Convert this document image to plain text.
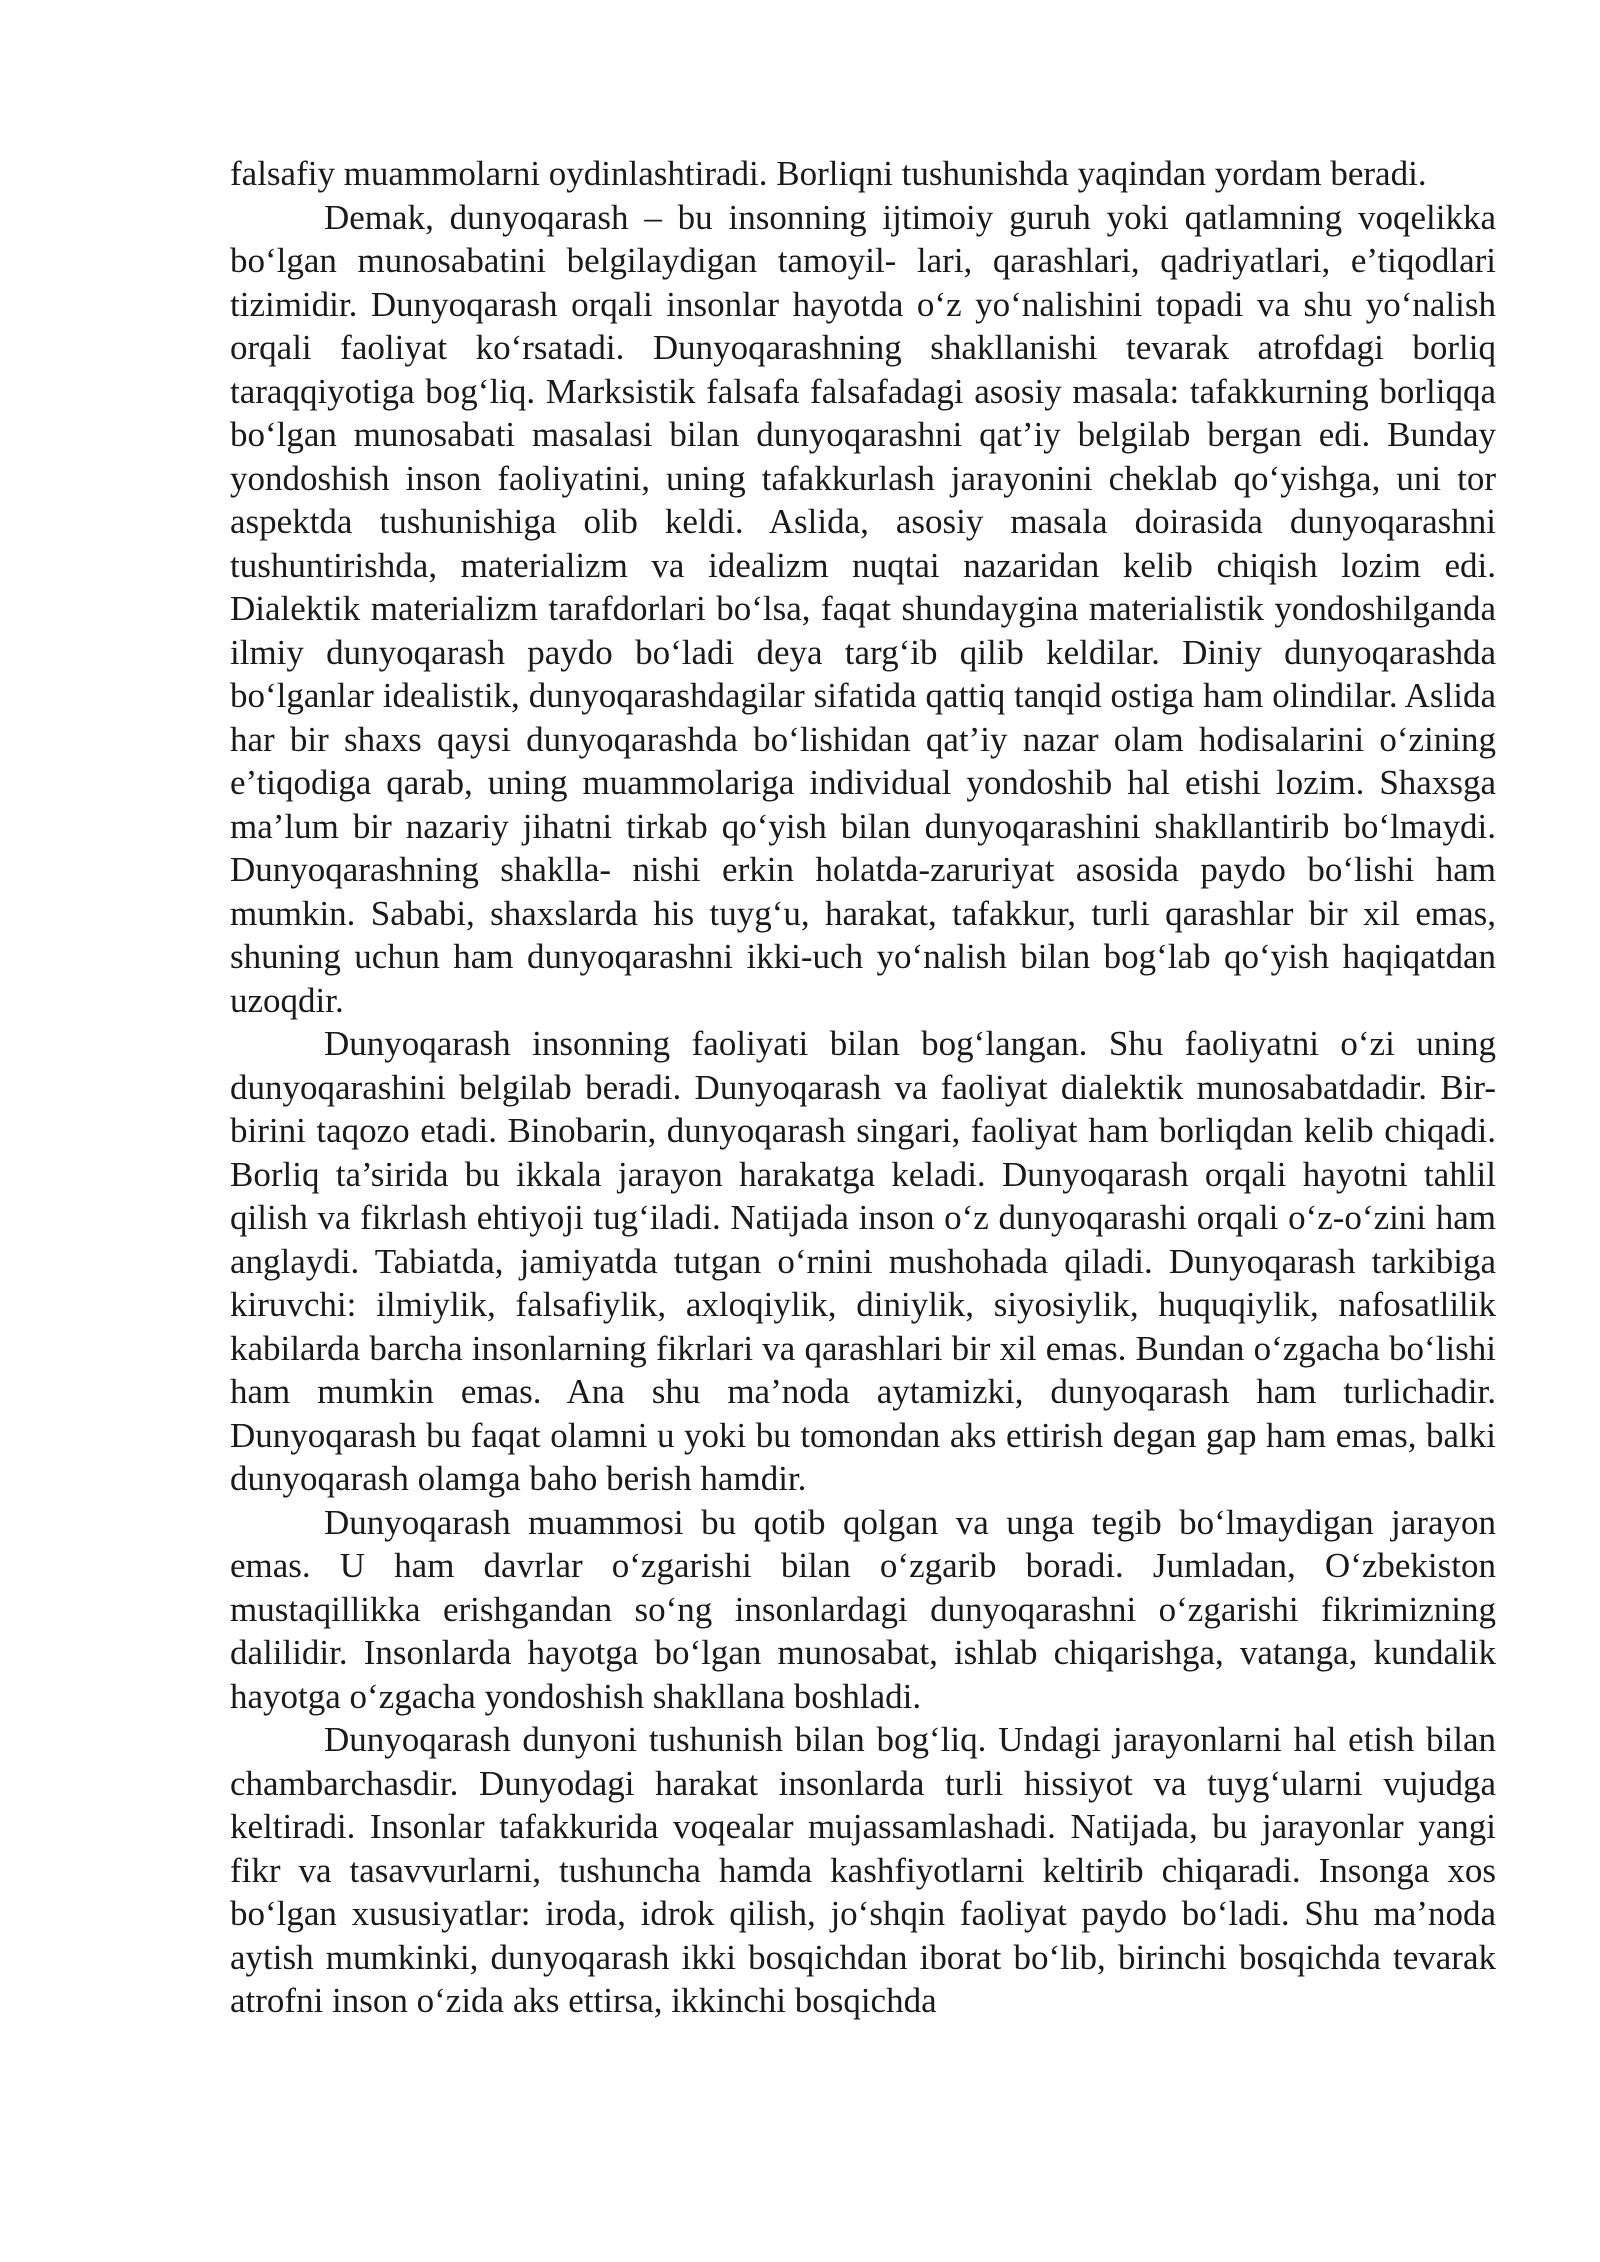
falsafiy muammolarni oydinlashtiradi. Borliqni tushunishda yaqindan yordam beradi.

Demak, dunyoqarash – bu insonning ijtimoiy guruh yoki qatlamning voqelikka bo‘lgan munosabatini belgilaydigan tamoyil- lari, qarashlari, qadriyatlari, e’tiqodlari tizimidir. Dunyoqarash orqali insonlar hayotda o‘z yo‘nalishini topadi va shu yo‘nalish orqali faoliyat ko‘rsatadi. Dunyoqarashning shakllanishi tevarak atrofdagi borliq taraqqiyotiga bog‘liq. Marksistik falsafa falsafadagi asosiy masala: tafakkurning borliqqa bo‘lgan munosabati masalasi bilan dunyoqarashni qat’iy belgilab bergan edi. Bunday yondoshish inson faoliyatini, uning tafakkurlash jarayonini cheklab qo‘yishga, uni tor aspektda tushunishiga olib keldi. Aslida, asosiy masala doirasida dunyoqarashni tushuntirishda, materializm va idealizm nuqtai nazaridan kelib chiqish lozim edi. Dialektik materializm tarafdorlari bo‘lsa, faqat shundaygina materialistik yondoshilganda ilmiy dunyoqarash paydo bo‘ladi deya targ‘ib qilib keldilar. Diniy dunyoqarashda bo‘lganlar idealistik, dunyoqarashdagilar sifatida qattiq tanqid ostiga ham olindilar. Aslida har bir shaxs qaysi dunyoqarashda bo‘lishidan qat’iy nazar olam hodisalarini o‘zining e’tiqodiga qarab, uning muammolariga individual yondoshib hal etishi lozim. Shaxsga ma’lum bir nazariy jihatni tirkab qo‘yish bilan dunyoqarashini shakllantirib bo‘lmaydi. Dunyoqarashning shaklla- nishi erkin holatda-zaruriyat asosida paydo bo‘lishi ham mumkin. Sababi, shaxslarda his tuyg‘u, harakat, tafakkur, turli qarashlar bir xil emas, shuning uchun ham dunyoqarashni ikki-uch yo‘nalish bilan bog‘lab qo‘yish haqiqatdan uzoqdir.

Dunyoqarash insonning faoliyati bilan bog‘langan. Shu faoliyatni o‘zi uning dunyoqarashini belgilab beradi. Dunyoqarash va faoliyat dialektik munosabatdadir. Bir-birini taqozo etadi. Binobarin, dunyoqarash singari, faoliyat ham borliqdan kelib chiqadi. Borliq ta’sirida bu ikkala jarayon harakatga keladi. Dunyoqarash orqali hayotni tahlil qilish va fikrlash ehtiyoji tug‘iladi. Natijada inson o‘z dunyoqarashi orqali o‘z-o‘zini ham anglaydi. Tabiatda, jamiyatda tutgan o‘rnini mushohada qiladi. Dunyoqarash tarkibiga kiruvchi: ilmiylik, falsafiylik, axloqiylik, diniylik, siyosiylik, huquqiylik, nafosatlilik kabilarda barcha insonlarning fikrlari va qarashlari bir xil emas. Bundan o‘zgacha bo‘lishi ham mumkin emas. Ana shu ma’noda aytamizki, dunyoqarash ham turlichadir. Dunyoqarash bu faqat olamni u yoki bu tomondan aks ettirish degan gap ham emas, balki dunyoqarash olamga baho berish hamdir.

Dunyoqarash muammosi bu qotib qolgan va unga tegib bo‘lmaydigan jarayon emas. U ham davrlar o‘zgarishi bilan o‘zgarib boradi. Jumladan, O‘zbekiston mustaqillikka erishgandan so‘ng insonlardagi dunyoqarashni o‘zgarishi fikrimizning dalilidir. Insonlarda hayotga bo‘lgan munosabat, ishlab chiqarishga, vatanga, kundalik hayotga o‘zgacha yondoshish shakllana boshladi.

Dunyoqarash dunyoni tushunish bilan bog‘liq. Undagi jarayonlarni hal etish bilan chambarchasdir. Dunyodagi harakat insonlarda turli hissiyot va tuyg‘ularni vujudga keltiradi. Insonlar tafakkurida voqealar mujassamlashadi. Natijada, bu jarayonlar yangi fikr va tasavvurlarni, tushuncha hamda kashfiyotlarni keltirib chiqaradi. Insonga xos bo‘lgan xususiyatlar: iroda, idrok qilish, jo‘shqin faoliyat paydo bo‘ladi. Shu ma’noda aytish mumkinki, dunyoqarash ikki bosqichdan iborat bo‘lib, birinchi bosqichda tevarak atrofni inson o‘zida aks ettirsa, ikkinchi bosqichda
